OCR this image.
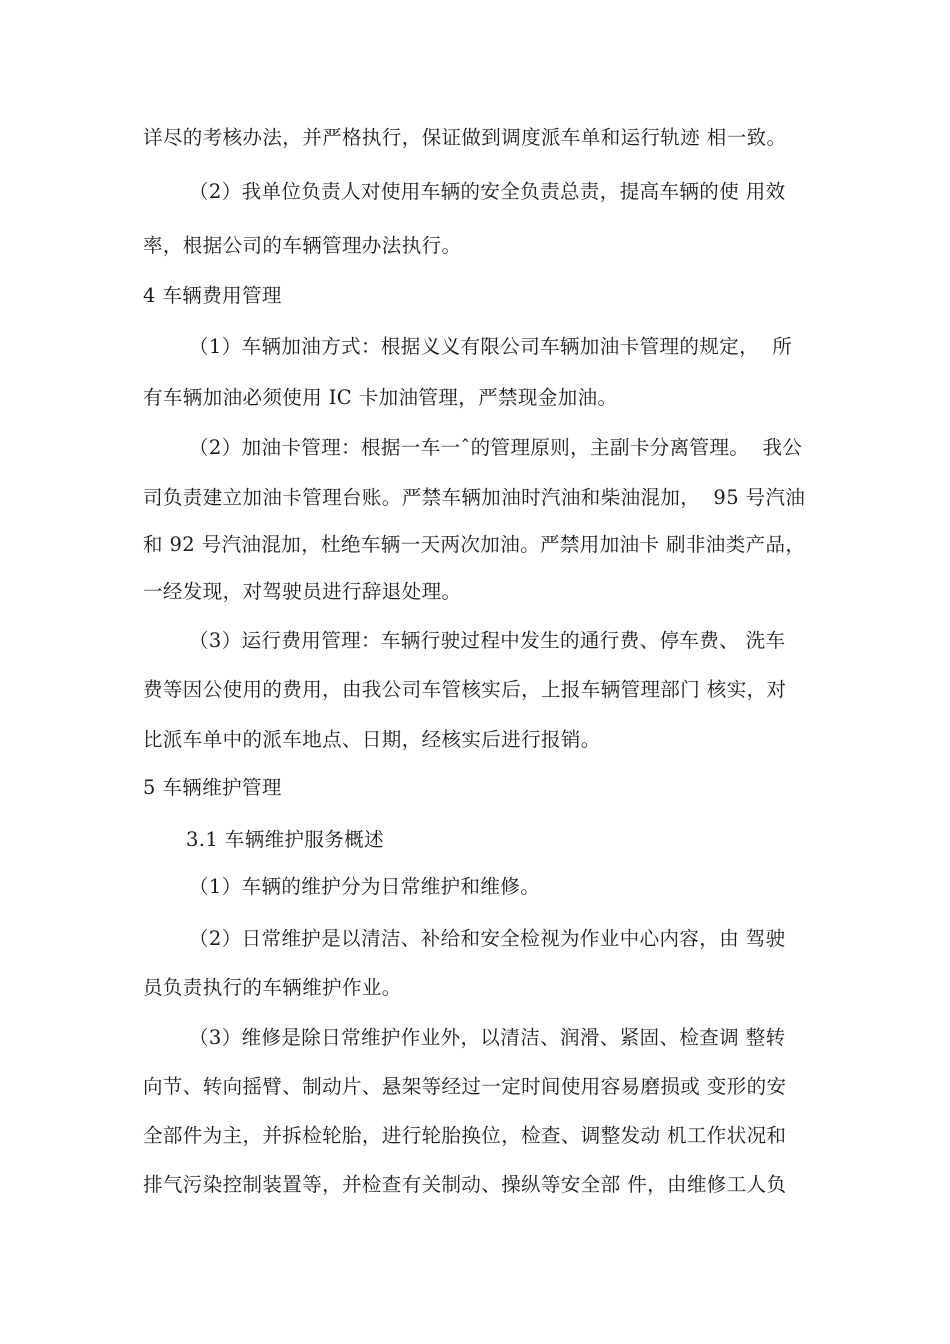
详尽的考核办法，并严格执行，保证做到调度派车单和运行轨迹 相一致。
（2）我单位负责人对使用车辆的安全负责总责，提高车辆的使 用效
率，根据公司的车辆管理办法执行。
4 车辆费用管理
（1）车辆加油方式：根据义义有限公司车辆加油卡管理的规定，  所
有车辆加油必须使用 IC 卡加油管理，严禁现金加油。
（2）加油卡管理：根据一车一ˆ的管理原则，主副卡分离管理。  我公
司负责建立加油卡管理台账。严禁车辆加油时汽油和柴油混加，  95 号汽油
和 92 号汽油混加，杜绝车辆一天两次加油。严禁用加油卡 刷非油类产品，
一经发现，对驾驶员进行辞退处理。
（3）运行费用管理：车辆行驶过程中发生的通行费、停车费、 洗车
费等因公使用的费用，由我公司车管核实后，上报车辆管理部门 核实，对
比派车单中的派车地点、日期，经核实后进行报销。
5 车辆维护管理
3.1 车辆维护服务概述
（1）车辆的维护分为日常维护和维修。
（2）日常维护是以清洁、补给和安全检视为作业中心内容，由 驾驶
员负责执行的车辆维护作业。
（3）维修是除日常维护作业外，以清洁、润滑、紧固、检查调 整转
向节、转向摇臂、制动片、悬架等经过一定时间使用容易磨损或 变形的安
全部件为主，并拆检轮胎，进行轮胎换位，检查、调整发动 机工作状况和
排气污染控制装置等，并检查有关制动、操纵等安全部 件，由维修工人负
